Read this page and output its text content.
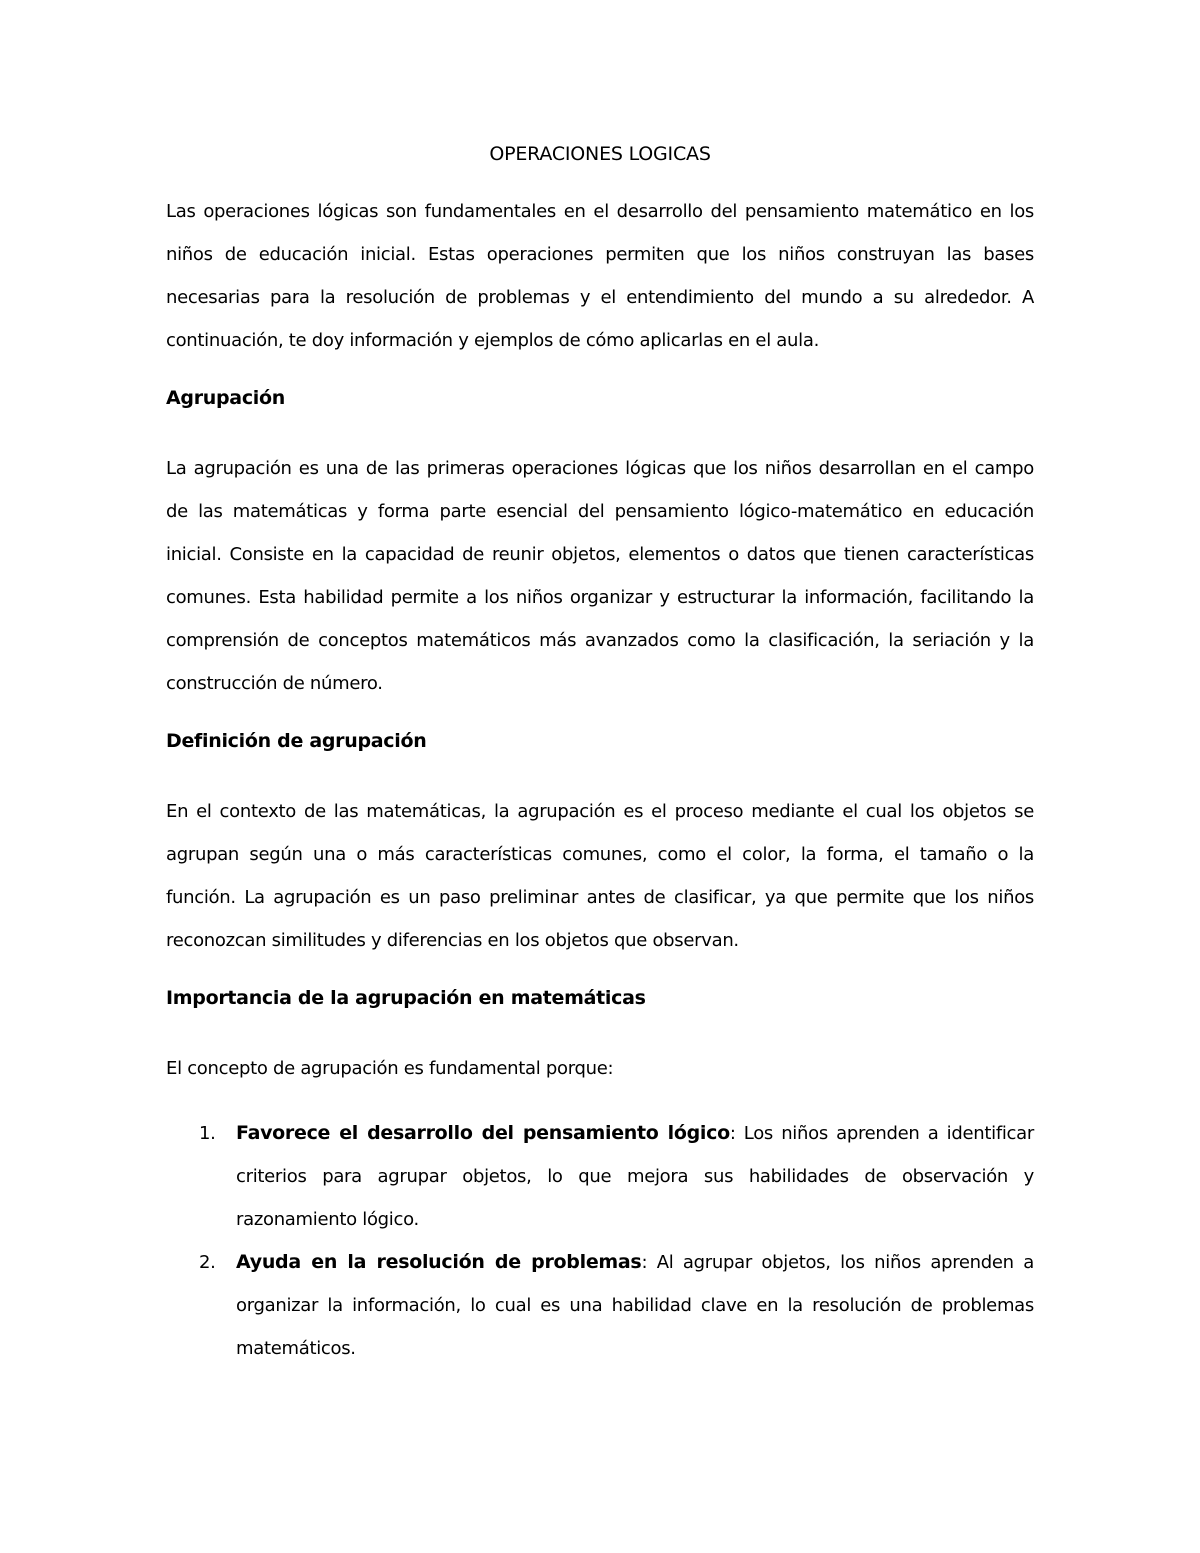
OPERACIONES LOGICAS

Las operaciones lógicas son fundamentales en el desarrollo del pensamiento matemático en los niños de educación inicial. Estas operaciones permiten que los niños construyan las bases necesarias para la resolución de problemas y el entendimiento del mundo a su alrededor. A continuación, te doy información y ejemplos de cómo aplicarlas en el aula.

Agrupación

La agrupación es una de las primeras operaciones lógicas que los niños desarrollan en el campo de las matemáticas y forma parte esencial del pensamiento lógico-matemático en educación inicial. Consiste en la capacidad de reunir objetos, elementos o datos que tienen características comunes. Esta habilidad permite a los niños organizar y estructurar la información, facilitando la comprensión de conceptos matemáticos más avanzados como la clasificación, la seriación y la construcción de número.

Definición de agrupación

En el contexto de las matemáticas, la agrupación es el proceso mediante el cual los objetos se agrupan según una o más características comunes, como el color, la forma, el tamaño o la función. La agrupación es un paso preliminar antes de clasificar, ya que permite que los niños reconozcan similitudes y diferencias en los objetos que observan.

Importancia de la agrupación en matemáticas

El concepto de agrupación es fundamental porque:

1. Favorece el desarrollo del pensamiento lógico: Los niños aprenden a identificar criterios para agrupar objetos, lo que mejora sus habilidades de observación y razonamiento lógico.
2. Ayuda en la resolución de problemas: Al agrupar objetos, los niños aprenden a organizar la información, lo cual es una habilidad clave en la resolución de problemas matemáticos.
